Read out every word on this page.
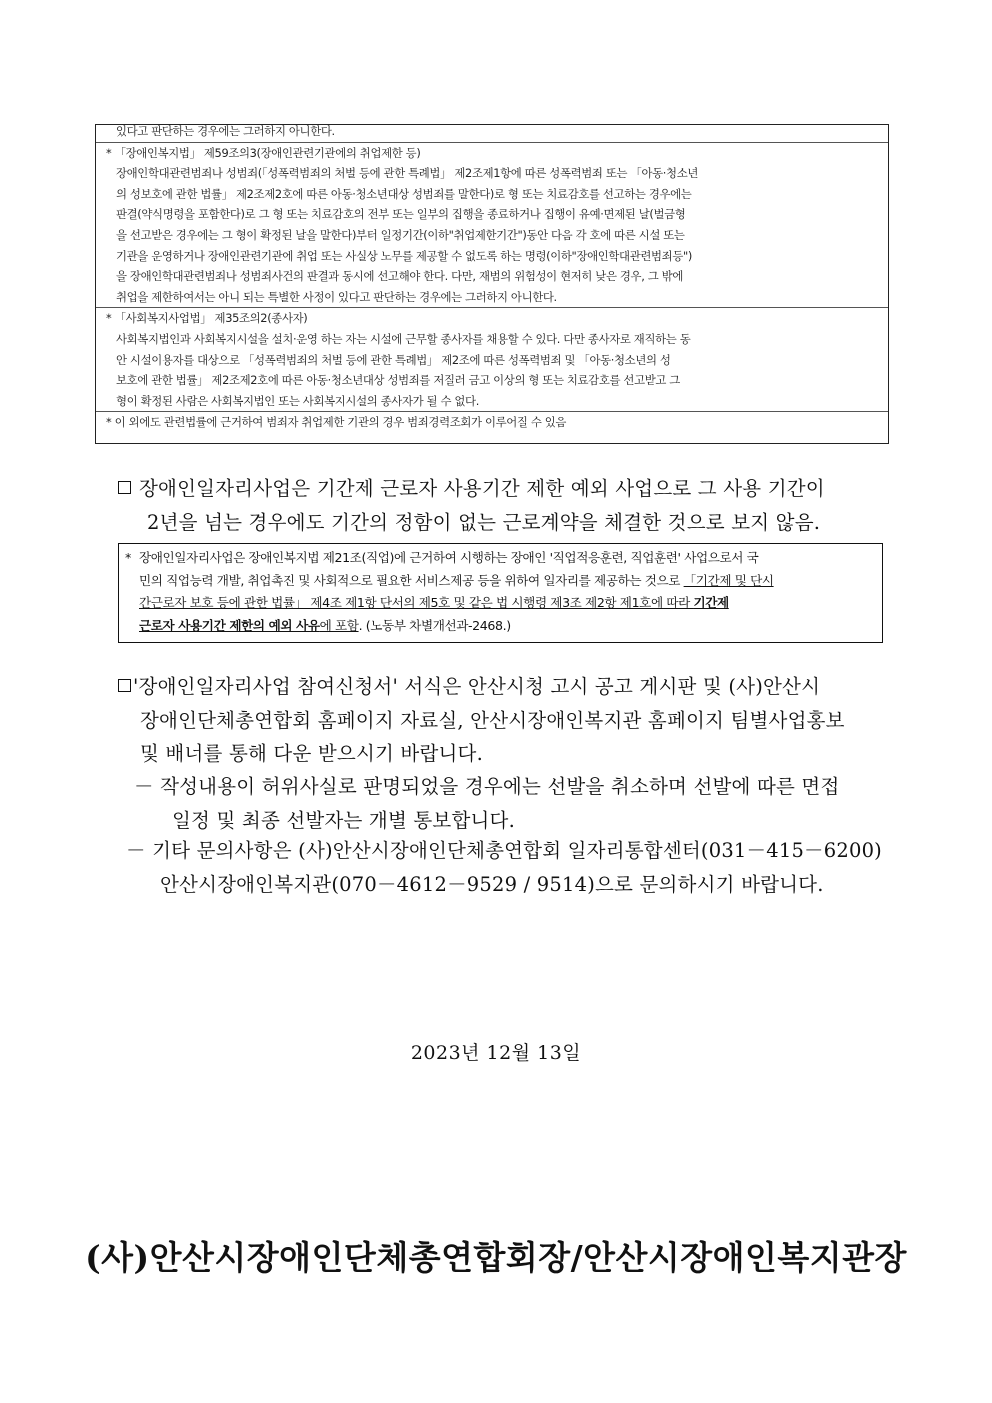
있다고 판단하는 경우에는 그러하지 아니한다.
* 「장애인복지법」 제59조의3(장애인관련기관에의 취업제한 등)
장애인학대관련범죄나 성범죄(「성폭력범죄의 처벌 등에 관한 특례법」 제2조제1항에 따른 성폭력범죄 또는 「아동·청소년
의 성보호에 관한 법률」 제2조제2호에 따른 아동·청소년대상 성범죄를 말한다)로 형 또는 치료감호를 선고하는 경우에는
판결(약식명령을 포함한다)로 그 형 또는 치료감호의 전부 또는 일부의 집행을 종료하거나 집행이 유예·면제된 날(벌금형
을 선고받은 경우에는 그 형이 확정된 날을 말한다)부터 일정기간(이하"취업제한기간")동안 다음 각 호에 따른 시설 또는
기관을 운영하거나 장애인관련기관에 취업 또는 사실상 노무를 제공할 수 없도록 하는 명령(이하"장애인학대관련범죄등")
을 장애인학대관련범죄나 성범죄사건의 판결과 동시에 선고해야 한다. 다만, 재범의 위험성이 현저히 낮은 경우, 그 밖에
취업을 제한하여서는 아니 되는 특별한 사정이 있다고 판단하는 경우에는 그러하지 아니한다.
* 「사회복지사업법」 제35조의2(종사자)
사회복지법인과 사회복지시설을 설치·운영 하는 자는 시설에 근무할 종사자를 채용할 수 있다. 다만 종사자로 재직하는 동
안 시설이용자를 대상으로 「성폭력범죄의 처벌 등에 관한 특례법」 제2조에 따른 성폭력범죄 및 「아동·청소년의 성
보호에 관한 법률」 제2조제2호에 따른 아동·청소년대상 성범죄를 저질러 금고 이상의 형 또는 치료감호를 선고받고 그
형이 확정된 사람은 사회복지법인 또는 사회복지시설의 종사자가 될 수 없다.
* 이 외에도 관련법률에 근거하여 범죄자 취업제한 기관의 경우 범죄경력조회가 이루어질 수 있음
장애인일자리사업은 기간제 근로자 사용기간 제한 예외 사업으로 그 사용 기간이
2년을 넘는 경우에도 기간의 정함이 없는 근로계약을 체결한 것으로 보지 않음.
* 장애인일자리사업은 장애인복지법 제21조(직업)에 근거하여 시행하는 장애인 '직업적응훈련, 직업훈련' 사업으로서 국
민의 직업능력 개발, 취업촉진 및 사회적으로 필요한 서비스제공 등을 위하여 일자리를 제공하는 것으로 「기간제 및 단시
간근로자 보호 등에 관한 법률」 제4조 제1항 단서의 제5호 및 같은 법 시행령 제3조 제2항 제1호에 따라 기간제
근로자 사용기간 제한의 예외 사유에 포함. (노동부 차별개선과-2468.)
'장애인일자리사업 참여신청서' 서식은 안산시청 고시 공고 게시판 및 (사)안산시
장애인단체총연합회 홈페이지 자료실, 안산시장애인복지관 홈페이지 팀별사업홍보
및 배너를 통해 다운 받으시기 바랍니다.
－ 작성내용이 허위사실로 판명되었을 경우에는 선발을 취소하며 선발에 따른 면접
일정 및 최종 선발자는 개별 통보합니다.
－ 기타 문의사항은 (사)안산시장애인단체총연합회 일자리통합센터(031－415－6200)
안산시장애인복지관(070－4612－9529 / 9514)으로 문의하시기 바랍니다.
2023년 12월 13일
(사)안산시장애인단체총연합회장/안산시장애인복지관장
